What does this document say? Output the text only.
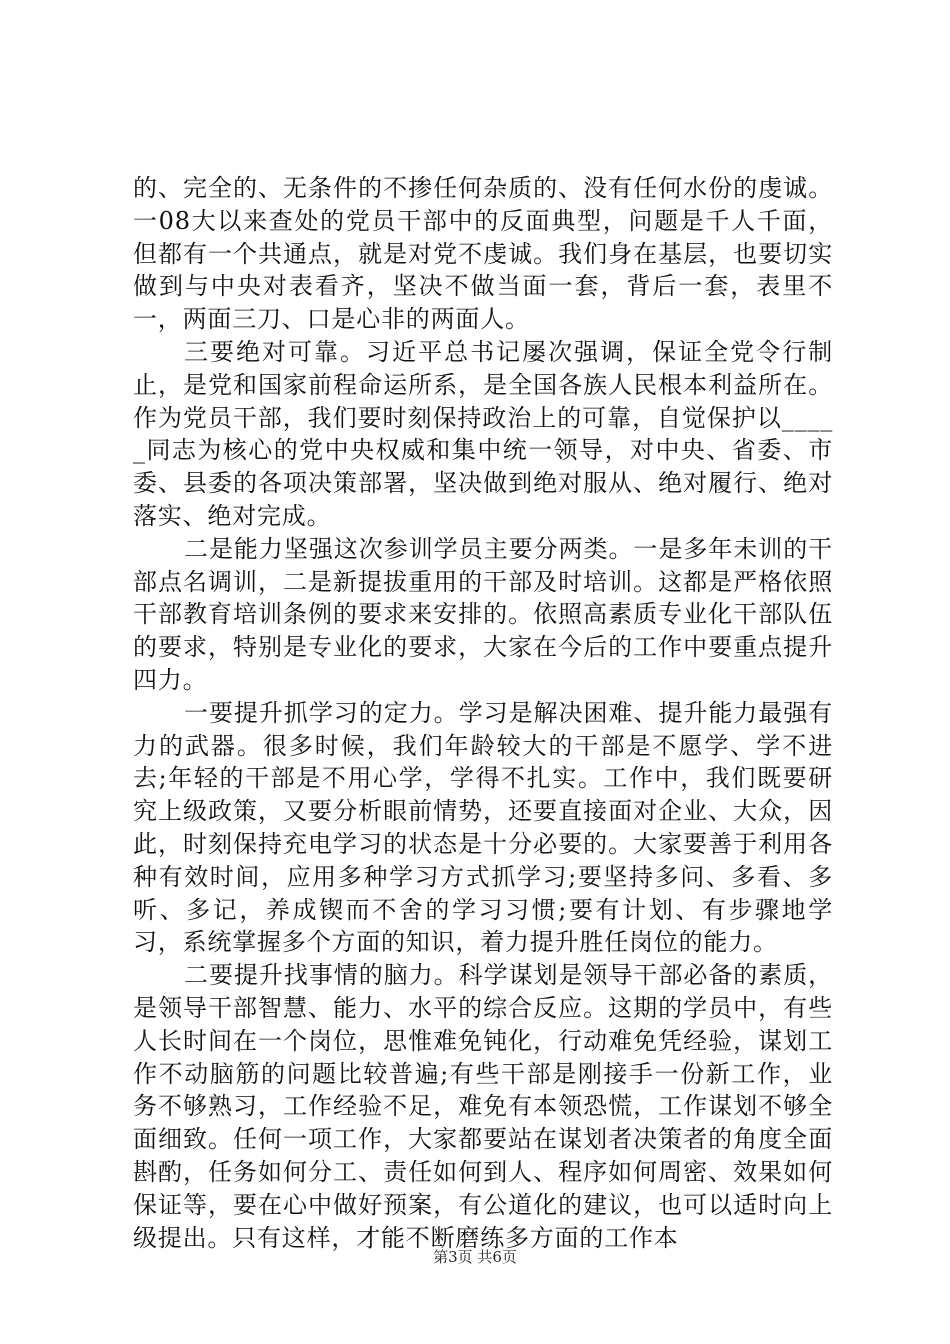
的、完全的、无条件的不掺任何杂质的、没有任何水份的虔诚。一08大以来查处的党员干部中的反面典型，问题是千人千面，但都有一个共通点，就是对党不虔诚。我们身在基层，也要切实做到与中央对表看齐，坚决不做当面一套，背后一套，表里不一，两面三刀、口是心非的两面人。

三要绝对可靠。习近平总书记屡次强调，保证全党令行制止，是党和国家前程命运所系，是全国各族人民根本利益所在。作为党员干部，我们要时刻保持政治上的可靠，自觉保护以_____同志为核心的党中央权威和集中统一领导，对中央、省委、市委、县委的各项决策部署，坚决做到绝对服从、绝对履行、绝对落实、绝对完成。

二是能力坚强这次参训学员主要分两类。一是多年未训的干部点名调训，二是新提拔重用的干部及时培训。这都是严格依照干部教育培训条例的要求来安排的。依照高素质专业化干部队伍的要求，特别是专业化的要求，大家在今后的工作中要重点提升四力。

一要提升抓学习的定力。学习是解决困难、提升能力最强有力的武器。很多时候，我们年龄较大的干部是不愿学、学不进去;年轻的干部是不用心学，学得不扎实。工作中，我们既要研究上级政策，又要分析眼前情势，还要直接面对企业、大众，因此，时刻保持充电学习的状态是十分必要的。大家要善于利用各种有效时间，应用多种学习方式抓学习;要坚持多问、多看、多听、多记，养成锲而不舍的学习习惯;要有计划、有步骤地学习，系统掌握多个方面的知识，着力提升胜任岗位的能力。

二要提升找事情的脑力。科学谋划是领导干部必备的素质，是领导干部智慧、能力、水平的综合反应。这期的学员中，有些人长时间在一个岗位，思惟难免钝化，行动难免凭经验，谋划工作不动脑筋的问题比较普遍;有些干部是刚接手一份新工作，业务不够熟习，工作经验不足，难免有本领恐慌，工作谋划不够全面细致。任何一项工作，大家都要站在谋划者决策者的角度全面斟酌，任务如何分工、责任如何到人、程序如何周密、效果如何保证等，要在心中做好预案，有公道化的建议，也可以适时向上级提出。只有这样，才能不断磨练多方面的工作本

第3页 共6页
